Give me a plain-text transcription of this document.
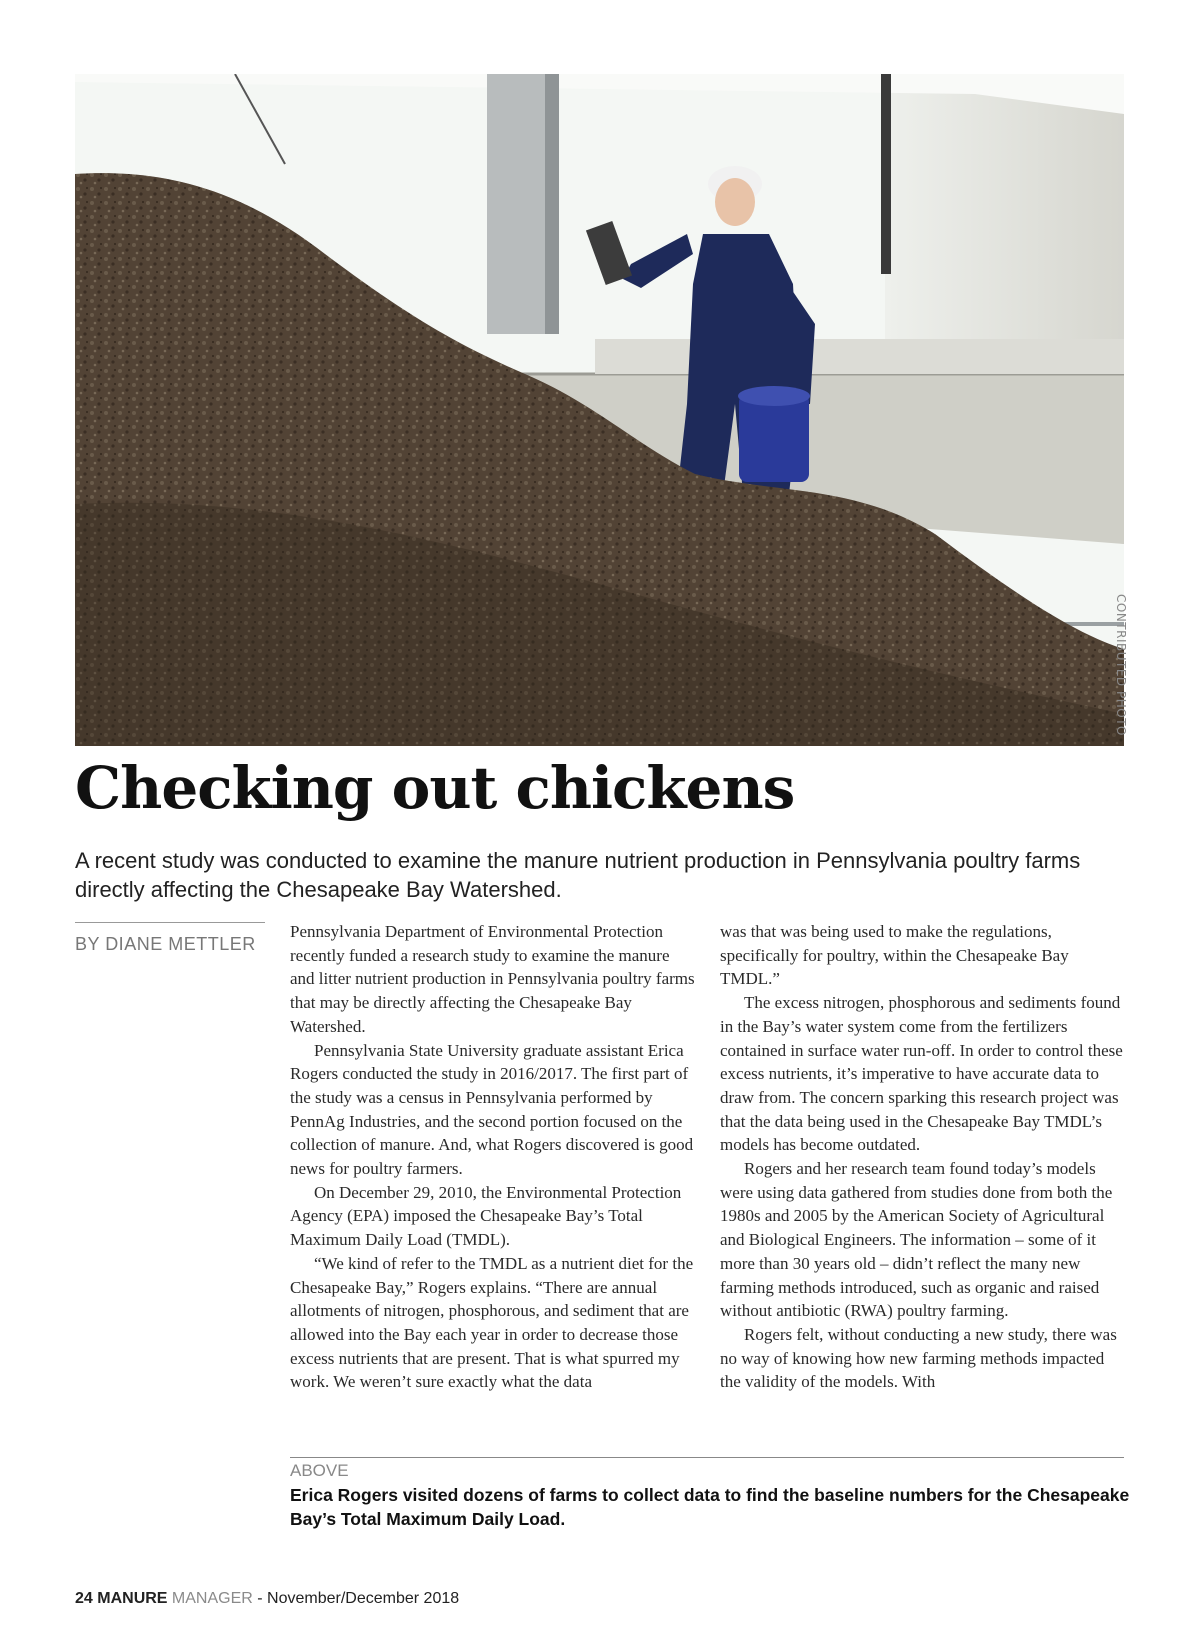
CONTRIBUTED PHOTO
Checking out chickens

A recent study was conducted to examine the manure nutrient production in Pennsylvania poultry farms directly affecting the Chesapeake Bay Watershed.

BY DIANE METTLER

Pennsylvania Department of Environmental Protection recently funded a research study to examine the manure and litter nutrient production in Pennsylvania poultry farms that may be directly affecting the Chesapeake Bay Watershed.

Pennsylvania State University graduate assistant Erica Rogers conducted the study in 2016/2017. The first part of the study was a census in Pennsylvania performed by PennAg Industries, and the second portion focused on the collection of manure. And, what Rogers discovered is good news for poultry farmers.

On December 29, 2010, the Environmental Protection Agency (EPA) imposed the Chesapeake Bay’s Total Maximum Daily Load (TMDL).

“We kind of refer to the TMDL as a nutrient diet for the Chesapeake Bay,” Rogers explains. “There are annual allotments of nitrogen, phosphorous, and sediment that are allowed into the Bay each year in order to decrease those excess nutrients that are present. That is what spurred my work. We weren’t sure exactly what the data

was that was being used to make the regulations, specifically for poultry, within the Chesapeake Bay TMDL.”

The excess nitrogen, phosphorous and sediments found in the Bay’s water system come from the fertilizers contained in surface water run-off. In order to control these excess nutrients, it’s imperative to have accurate data to draw from. The concern sparking this research project was that the data being used in the Chesapeake Bay TMDL’s models has become outdated.

Rogers and her research team found today’s models were using data gathered from studies done from both the 1980s and 2005 by the American Society of Agricultural and Biological Engineers. The information – some of it more than 30 years old – didn’t reflect the many new farming methods introduced, such as organic and raised without antibiotic (RWA) poultry farming.

Rogers felt, without conducting a new study, there was no way of knowing how new farming methods impacted the validity of the models. With

ABOVE

Erica Rogers visited dozens of farms to collect data to find the baseline numbers for the Chesapeake Bay’s Total Maximum Daily Load.

24 MANURE MANAGER - November/December 2018
